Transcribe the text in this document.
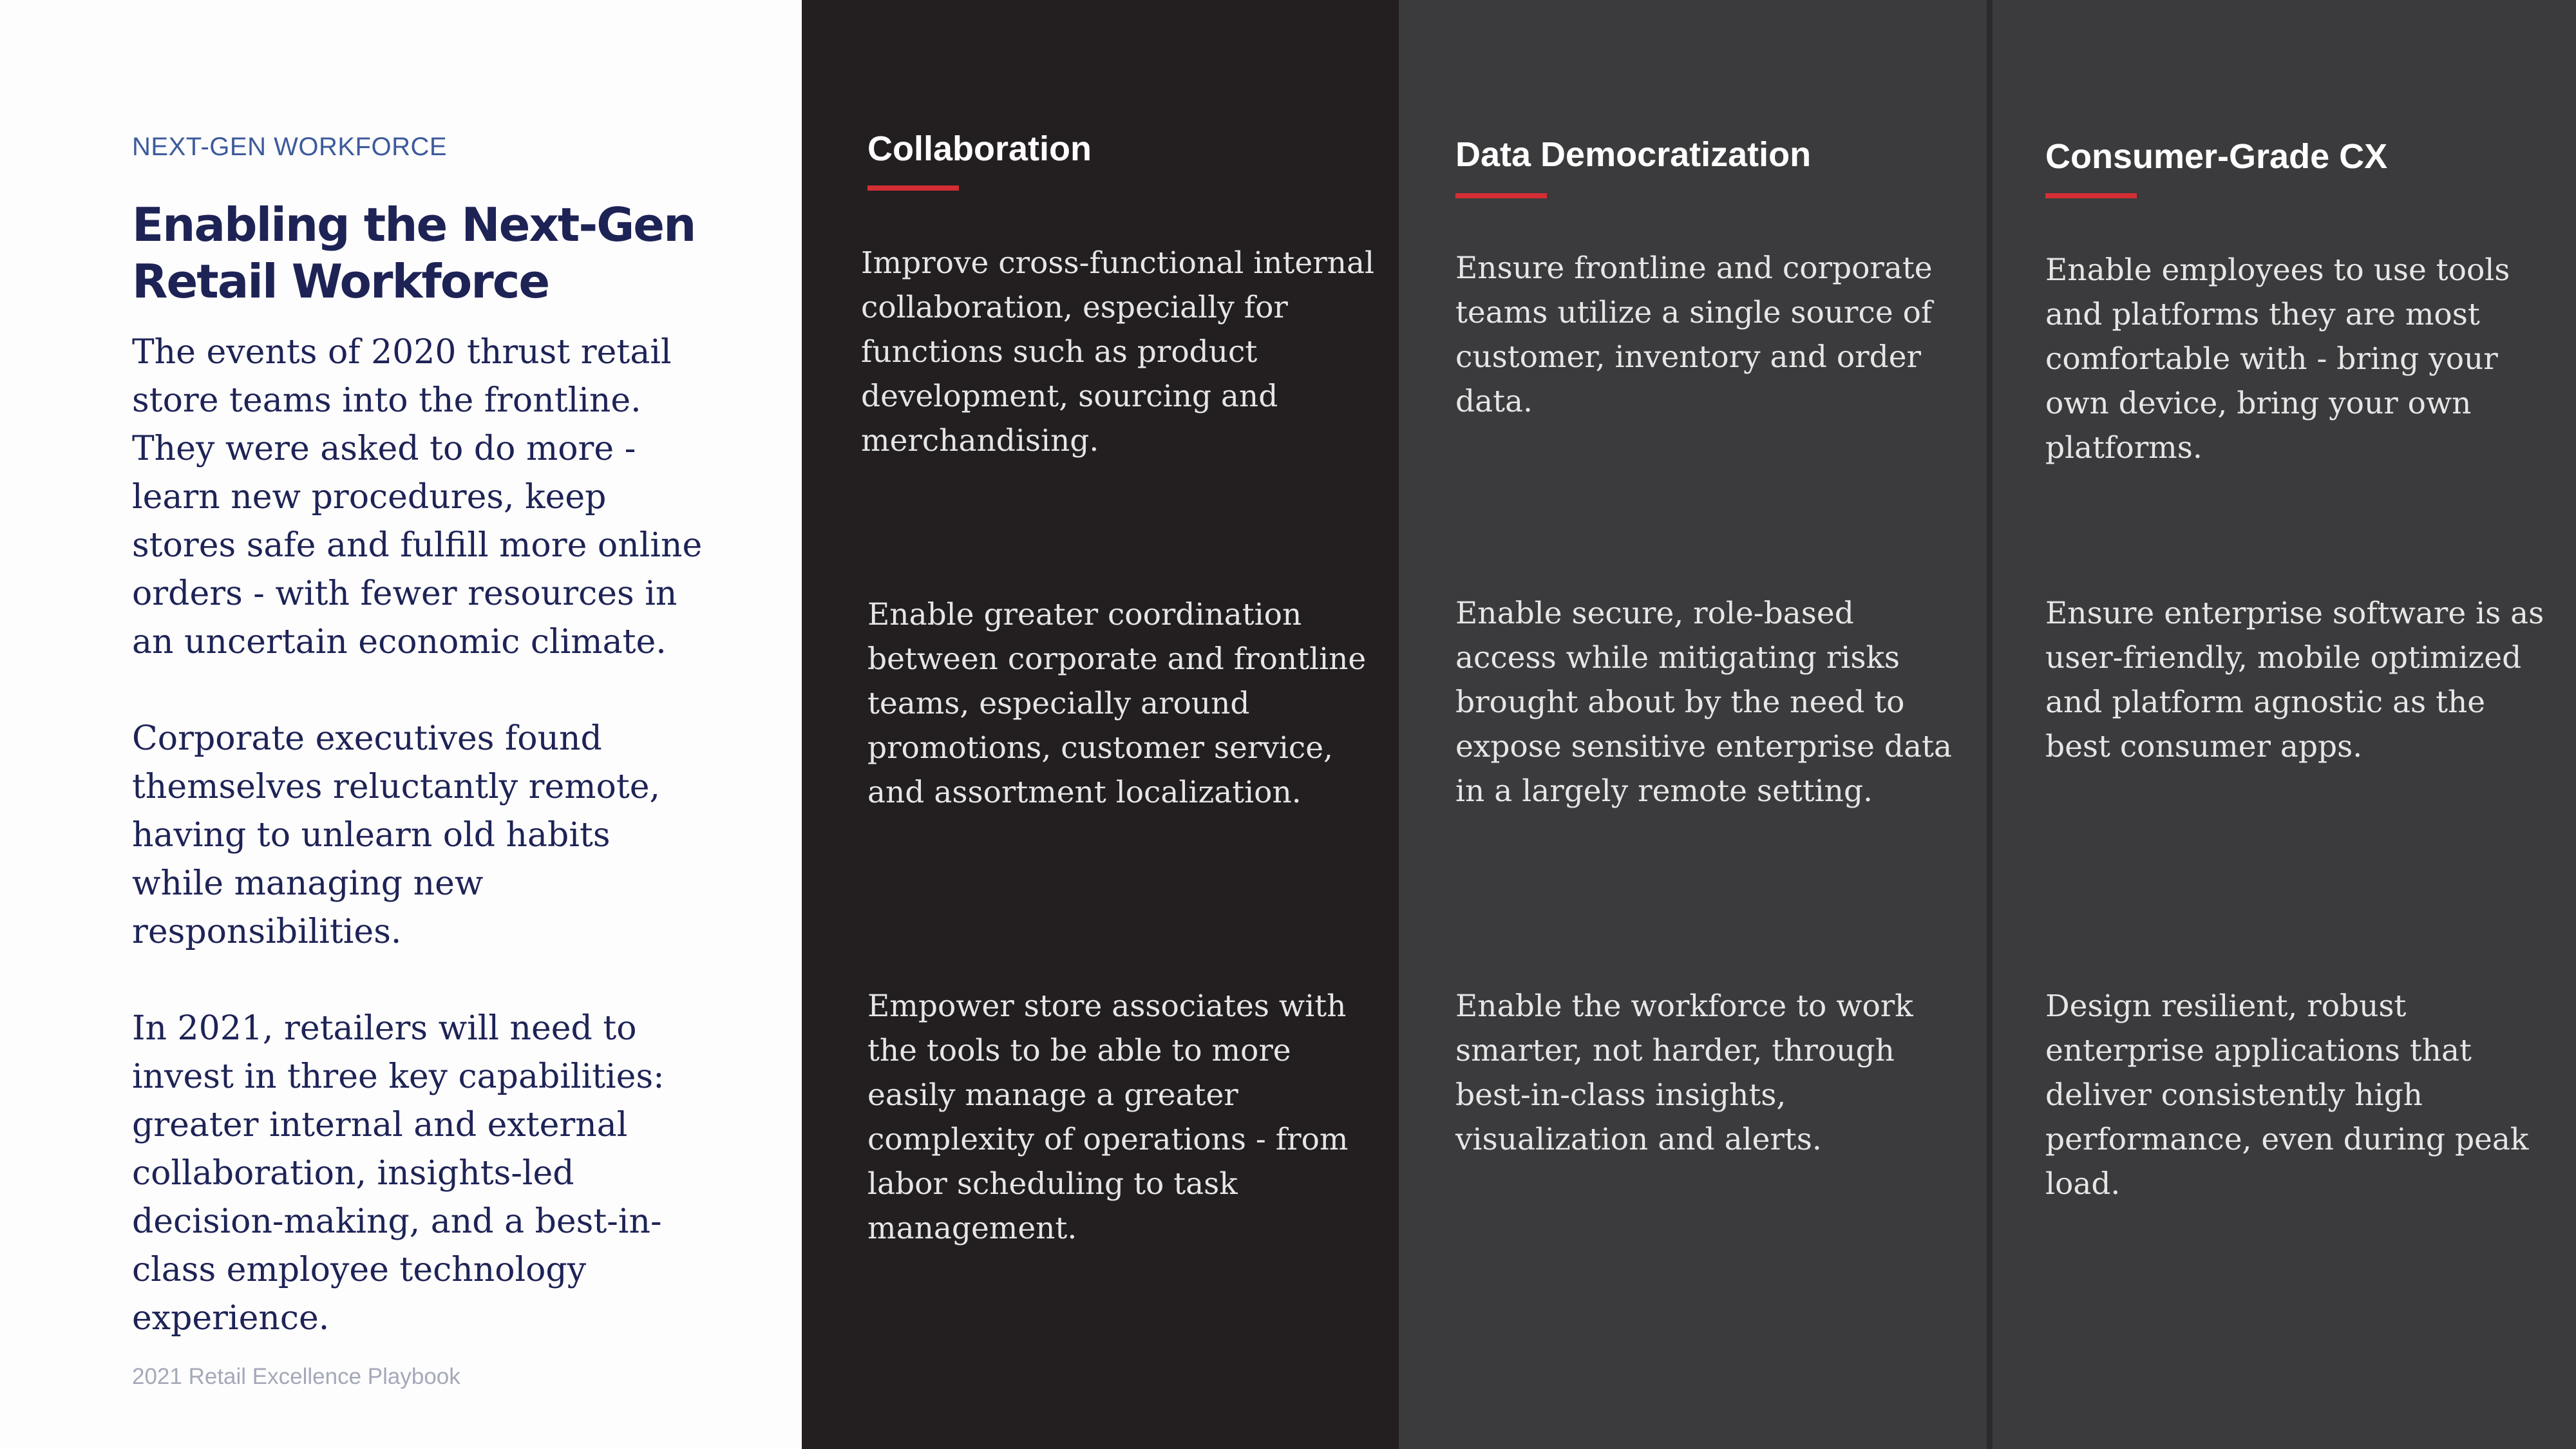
NEXT-GEN WORKFORCE

Enabling the Next-Gen
Retail Workforce

The events of 2020 thrust retail store teams into the frontline. They were asked to do more - learn new procedures, keep stores safe and fulfill more online orders - with fewer resources in an uncertain economic climate.

Corporate executives found themselves reluctantly remote, having to unlearn old habits while managing new responsibilities.

In 2021, retailers will need to invest in three key capabilities: greater internal and external collaboration, insights-led decision-making, and a best-in-class employee technology experience.

2021 Retail Excellence Playbook

Collaboration

Improve cross-functional internal collaboration, especially for functions such as product development, sourcing and merchandising.

Enable greater coordination between corporate and frontline teams, especially around promotions, customer service, and assortment localization.

Empower store associates with the tools to be able to more easily manage a greater complexity of operations - from labor scheduling to task management.

Data Democratization

Ensure frontline and corporate teams utilize a single source of customer, inventory and order data.

Enable secure, role-based access while mitigating risks brought about by the need to expose sensitive enterprise data in a largely remote setting.

Enable the workforce to work smarter, not harder, through best-in-class insights, visualization and alerts.

Consumer-Grade CX

Enable employees to use tools and platforms they are most comfortable with - bring your own device, bring your own platforms.

Ensure enterprise software is as user-friendly, mobile optimized and platform agnostic as the best consumer apps.

Design resilient, robust enterprise applications that deliver consistently high performance, even during peak load.
